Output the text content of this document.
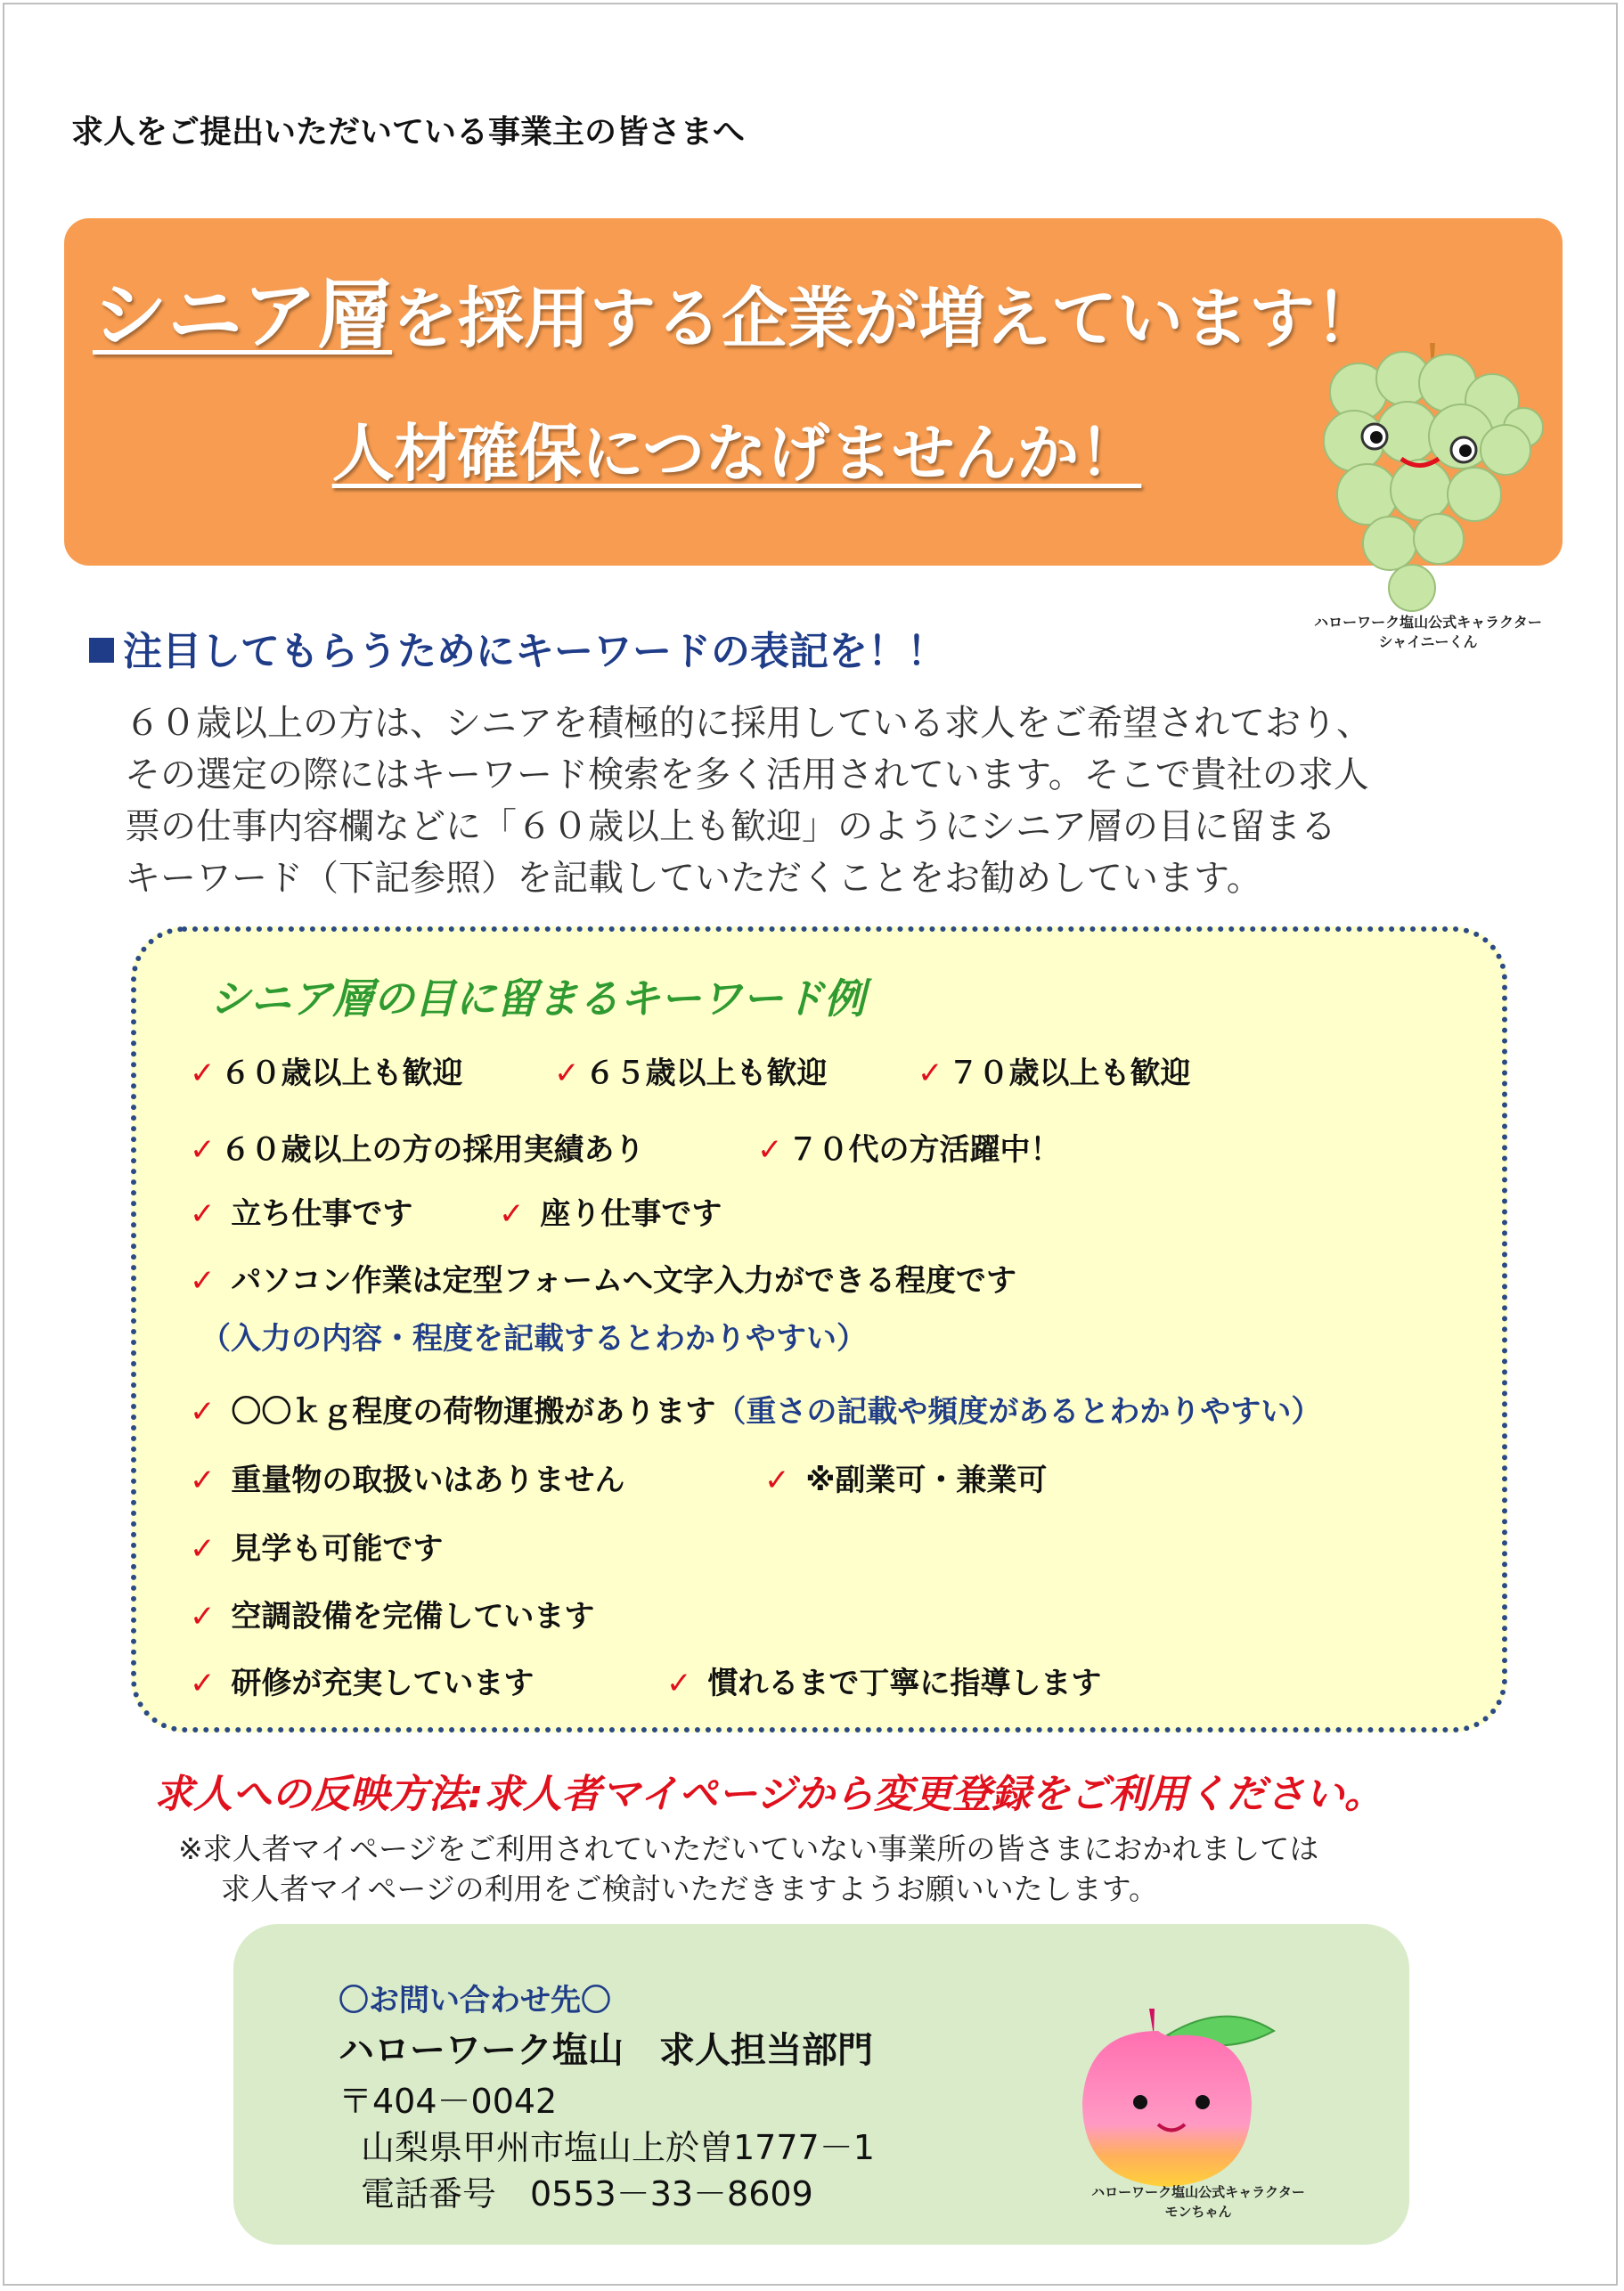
求人をご提出いただいている事業主の皆さまへ
シニア層を採用する企業が増えています！
人材確保につなげませんか！
ハローワーク塩山公式キャラクター
シャイニーくん
注目してもらうためにキーワードの表記を！！
６０歳以上の方は、シニアを積極的に採用している求人をご希望されており、
その選定の際にはキーワード検索を多く活用されています。そこで貴社の求人
票の仕事内容欄などに「６０歳以上も歓迎」のようにシニア層の目に留まる
キーワード（下記参照）を記載していただくことをお勧めしています。
シニア層の目に留まるキーワード例
✓ ６０歳以上も歓迎	✓ ６５歳以上も歓迎	✓ ７０歳以上も歓迎
✓ ６０歳以上の方の採用実績あり	✓ ７０代の方活躍中！
✓ 立ち仕事です	✓ 座り仕事です
✓ パソコン作業は定型フォームへ文字入力ができる程度です
（入力の内容・程度を記載するとわかりやすい）
✓ 〇〇ｋｇ程度の荷物運搬があります（重さの記載や頻度があるとわかりやすい）
✓ 重量物の取扱いはありません	✓ ※副業可・兼業可
✓ 見学も可能です
✓ 空調設備を完備しています
✓ 研修が充実しています	✓ 慣れるまで丁寧に指導します
求人への反映方法:求人者マイページから変更登録をご利用ください。
※求人者マイページをご利用されていただいていない事業所の皆さまにおかれましては
求人者マイページの利用をご検討いただきますようお願いいたします。
〇お問い合わせ先〇
ハローワーク塩山　求人担当部門
〒404－0042
山梨県甲州市塩山上於曽1777－1
電話番号　0553－33－8609	ハローワーク塩山公式キャラクター
モンちゃん
